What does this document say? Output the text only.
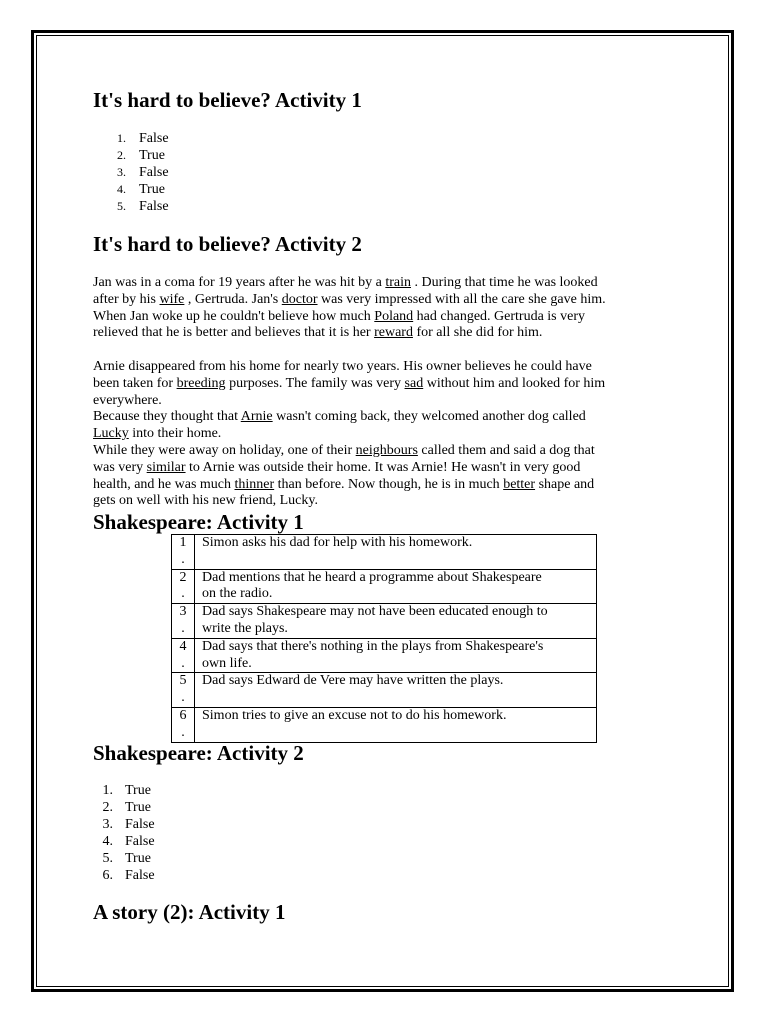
It's hard to believe? Activity 1
1. False
2. True
3. False
4. True
5. False
It's hard to believe? Activity 2
Jan was in a coma for 19 years after he was hit by a train . During that time he was looked
after by his wife , Gertruda. Jan's doctor was very impressed with all the care she gave him.
When Jan woke up he couldn't believe how much Poland had changed. Gertruda is very
relieved that he is better and believes that it is her reward for all she did for him.
Arnie disappeared from his home for nearly two years. His owner believes he could have
been taken for breeding purposes. The family was very sad without him and looked for him
everywhere.
Because they thought that Arnie wasn't coming back, they welcomed another dog called
Lucky into their home.
While they were away on holiday, one of their neighbours called them and said a dog that
was very similar to Arnie was outside their home. It was Arnie! He wasn't in very good
health, and he was much thinner than before. Now though, he is in much better shape and
gets on well with his new friend, Lucky.
Shakespeare: Activity 1
1
.	Simon asks his dad for help with his homework.

2
.	Dad mentions that he heard a programme about Shakespeare
on the radio.
3
.	Dad says Shakespeare may not have been educated enough to
write the plays.
4
.	Dad says that there's nothing in the plays from Shakespeare's
own life.
5
.	Dad says Edward de Vere may have written the plays.

6
.	Simon tries to give an excuse not to do his homework.

Shakespeare: Activity 2
1. True
2. True
3. False
4. False
5. True
6. False
A story (2): Activity 1
